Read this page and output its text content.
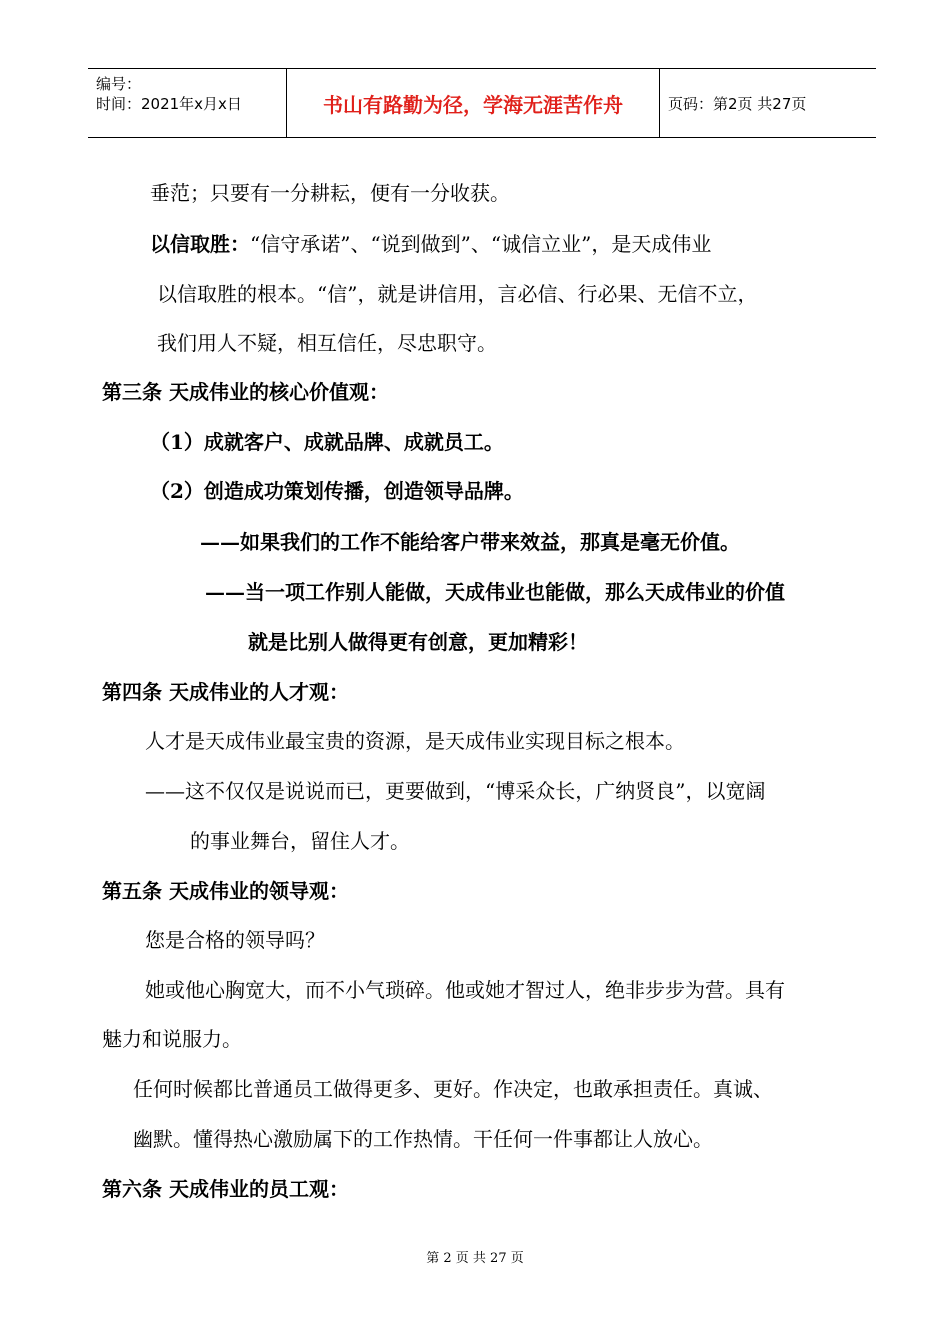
编号：
时间：2021年x月x日	书山有路勤为径，学海无涯苦作舟	页码：第2页 共27页
垂范；只要有一分耕耘，便有一分收获。
以信取胜：“信守承诺”、“说到做到”、“诚信立业”，是天成伟业
以信取胜的根本。“信”，就是讲信用，言必信、行必果、无信不立，
我们用人不疑，相互信任，尽忠职守。
第三条 天成伟业的核心价值观：
（1）成就客户、成就品牌、成就员工。
（2）创造成功策划传播，创造领导品牌。
——如果我们的工作不能给客户带来效益，那真是毫无价值。
——当一项工作别人能做，天成伟业也能做，那么天成伟业的价值
就是比别人做得更有创意，更加精彩！
第四条 天成伟业的人才观：
人才是天成伟业最宝贵的资源，是天成伟业实现目标之根本。
——这不仅仅是说说而已，更要做到，“博采众长，广纳贤良”，以宽阔
的事业舞台，留住人才。
第五条 天成伟业的领导观：
您是合格的领导吗？
她或他心胸宽大，而不小气琐碎。他或她才智过人，绝非步步为营。具有
魅力和说服力。
任何时候都比普通员工做得更多、更好。作决定，也敢承担责任。真诚、
幽默。懂得热心激励属下的工作热情。干任何一件事都让人放心。
第六条 天成伟业的员工观：
第 2 页 共 27 页
